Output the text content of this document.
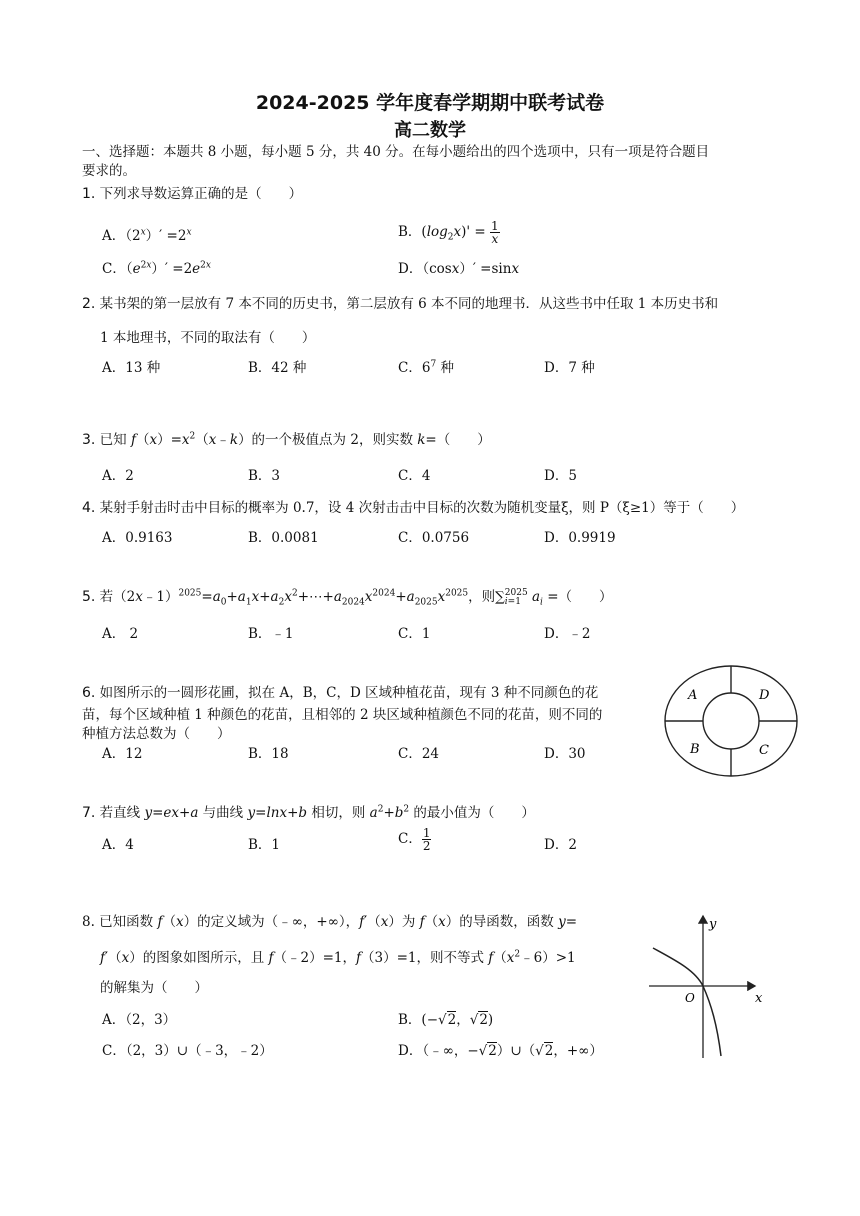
2024-2025 学年度春学期期中联考试卷
高二数学
一、选择题：本题共 8 小题，每小题 5 分，共 40 分。在每小题给出的四个选项中，只有一项是符合题目
要求的。
1. 下列求导数运算正确的是（　　）
A．$(2^x)' =2^x$	B．$(\log_2x)' = \frac{1}{x}$
C．$(e^{2x})' =2e^{2x}$	D．（cosx）′ =sinx
2. 某书架的第一层放有 7 本不同的历史书，第二层放有 6 本不同的地理书．从这些书中任取 1 本历史书和
1 本地理书，不同的取法有（　　）
A．13 种	B．42 种	C．$6^7$ 种	D．7 种
3. 已知 $f(x)=x^2(x﹣k)$的一个极值点为 2，则实数 k=（　　）
A．2	B．3	C．4	D．5
4. 某射手射击时击中目标的概率为 0.7，设 4 次射击击中目标的次数为随机变量ξ，则 P（ξ≥1）等于（　　）
A．0.9163	B．0.0081	C．0.0756	D．0.9919
5. 若$(2x﹣1)^{2025}=a_0+a_1x+a_2x^2+\cdots+a_{2024}x^{2024}+a_{2025}x^{2025}$，则∑ 2025
i=1 $a_i$ =（　　）
A． 2	B．﹣1	C．1	D．﹣2
6. 如图所示的一圆形花圃，拟在 A，B，C，D 区域种植花苗，现有 3 种不同颜色的花
苗，每个区域种植 1 种颜色的花苗，且相邻的 2 块区域种植颜色不同的花苗，则不同的
种植方法总数为（　　）
A．12	B．18	C．24	D．30
A	D
B	C
7. 若直线 y=ex+a 与曲线 y=lnx+b 相切，则 $a^2+b^2$ 的最小值为（　　）
A．4	B．1	C． $\frac{1}{2}$	D．2
8. 已知函数 f（x）的定义域为（﹣∞，+∞），f′（x）为 f（x）的导函数，函数 y=
f′（x）的图象如图所示，且 f（﹣2）=1，f（3）=1，则不等式 $f(x^2﹣6)>1$
的解集为（　　）
A．（2，3）	B．(−√2，√2)
C．（2，3）∪（﹣3，﹣2）	D．（﹣∞，−√2）∪（√2，+∞）
y
x
O
